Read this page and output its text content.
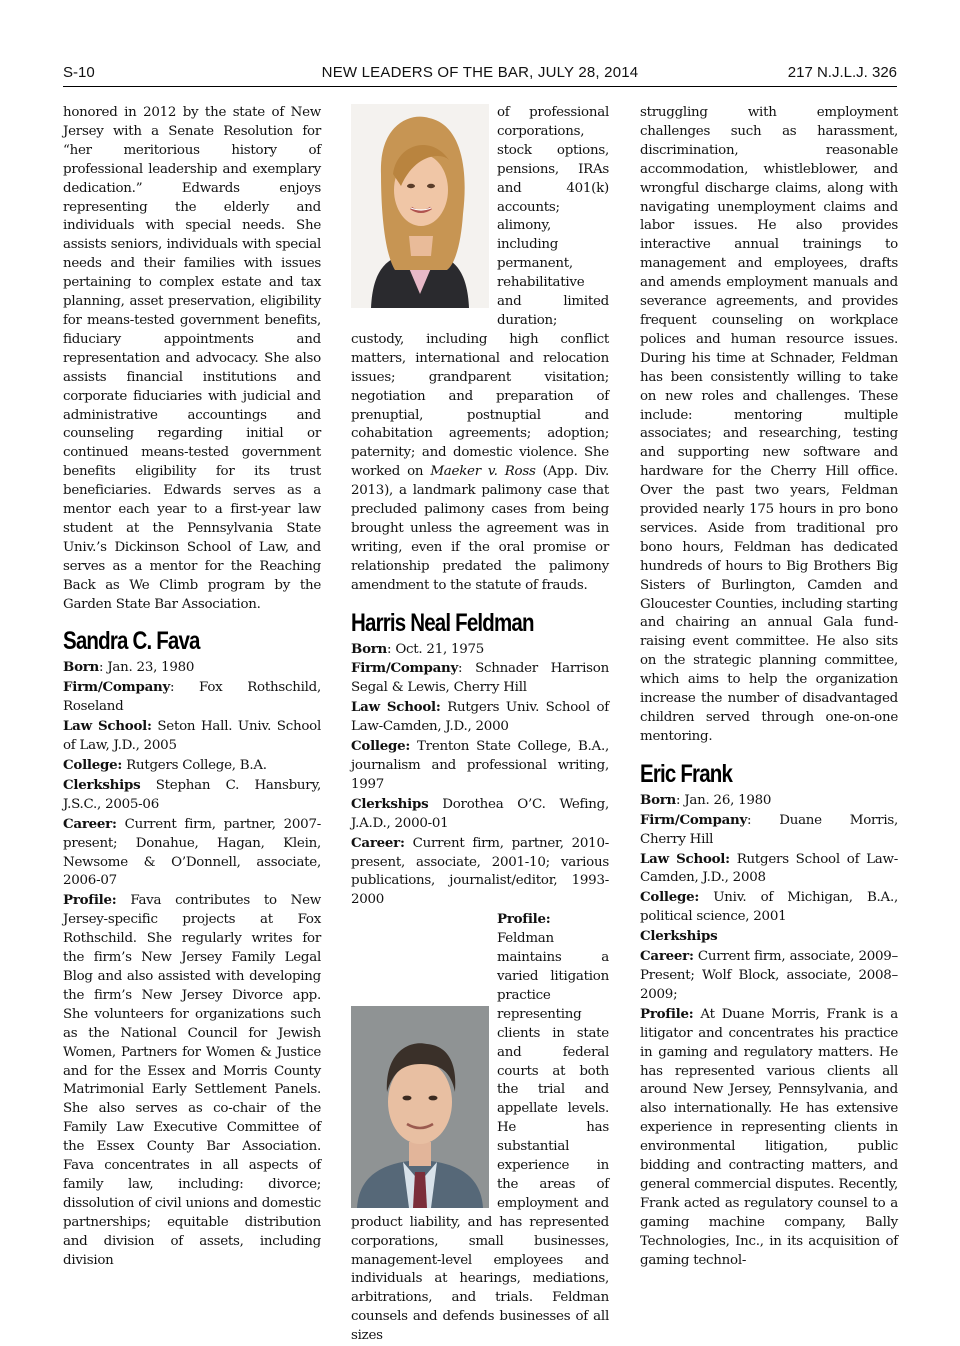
S-10	NEW LEADERS OF THE BAR, JULY 28, 2014	217 N.J.L.J. 326

honored in 2012 by the state of New Jersey with a Senate Resolution for “her meritorious history of professional leadership and exemplary dedication.” Edwards enjoys representing the elderly and individuals with special needs. She assists seniors, individuals with special needs and their families with issues pertaining to complex estate and tax planning, asset preservation, eligibility for means-tested government benefits, fiduciary appointments and representation and advocacy. She also assists financial institutions and corporate fiduciaries with judicial and administrative accountings and counseling regarding initial or continued means-tested government benefits eligibility for its trust beneficiaries. Edwards serves as a mentor each year to a first-year law student at the Pennsylvania State Univ.’s Dickinson School of Law, and serves as a mentor for the Reaching Back as We Climb program by the Garden State Bar Association.

Sandra C. Fava

Born: Jan. 23, 1980

Firm/Company: Fox Rothschild, Roseland

Law School: Seton Hall. Univ. School of Law, J.D., 2005

College: Rutgers College, B.A.

Clerkships Stephan C. Hansbury, J.S.C., 2005-06

Career: Current firm, partner, 2007-present; Donahue, Hagan, Klein, Newsome & O’Donnell, associate, 2006-07

Profile: Fava contributes to New Jersey-specific projects at Fox Rothschild. She regularly writes for the firm’s New Jersey Family Legal Blog and also assisted with developing the firm’s New Jersey Divorce app. She volunteers for organizations such as the National Council for Jewish Women, Partners for Women & Justice and for the Essex and Morris County Matrimonial Early Settlement Panels. She also serves as co-chair of the Family Law Executive Committee of the Essex County Bar Association. Fava concentrates in all aspects of family law, including: divorce; dissolution of civil unions and domestic partnerships; equitable distribution and division of assets, including division

of professional corporations, stock options, pensions, IRAs and 401(k) accounts; alimony, including permanent, rehabilitative and limited duration; custody, including high conflict matters, international and relocation issues; grandparent visitation; negotiation and preparation of prenuptial, postnuptial and cohabitation agreements; adoption; paternity; and domestic violence. She worked on Maeker v. Ross (App. Div. 2013), a landmark palimony case that precluded palimony cases from being brought unless the agreement was in writing, even if the oral promise or relationship predated the palimony amendment to the statute of frauds.

Harris Neal Feldman

Born: Oct. 21, 1975

Firm/Company: Schnader Harrison Segal & Lewis, Cherry Hill

Law School: Rutgers Univ. School of Law-Camden, J.D., 2000

College: Trenton State College, B.A., journalism and professional writing, 1997

Clerkships Dorothea O’C. Wefing, J.A.D., 2000-01

Career: Current firm, partner, 2010-present, associate, 2001-10; various publications, journalist/editor, 1993-2000

Profile: Feldman maintains a varied litigation practice representing clients in state and federal courts at both the trial and appellate levels. He has substantial experience in the areas of employment and product liability, and has represented corporations, small businesses, management-level employees and individuals at hearings, mediations, arbitrations, and trials. Feldman counsels and defends businesses of all sizes

struggling with employment challenges such as harassment, discrimination, reasonable accommodation, whistleblower, and wrongful discharge claims, along with navigating unemployment claims and labor issues. He also provides interactive annual trainings to management and employees, drafts and amends employment manuals and severance agreements, and provides frequent counseling on workplace polices and human resource issues. During his time at Schnader, Feldman has been consistently willing to take on new roles and challenges. These include: mentoring multiple associates; and researching, testing and supporting new software and hardware for the Cherry Hill office. Over the past two years, Feldman provided nearly 175 hours in pro bono services. Aside from traditional pro bono hours, Feldman has dedicated hundreds of hours to Big Brothers Big Sisters of Burlington, Camden and Gloucester Counties, including starting and chairing an annual Gala fund-raising event committee. He also sits on the strategic planning committee, which aims to help the organization increase the number of disadvantaged children served through one-on-one mentoring.

Eric Frank

Born: Jan. 26, 1980

Firm/Company: Duane Morris, Cherry Hill

Law School: Rutgers School of Law-Camden, J.D., 2008

College: Univ. of Michigan, B.A., political science, 2001

Clerkships

Career: Current firm, associate, 2009–Present; Wolf Block, associate, 2008–2009;

Profile: At Duane Morris, Frank is a litigator and concentrates his practice in gaming and regulatory matters. He has represented various clients all around New Jersey, Pennsylvania, and also internationally. He has extensive experience in representing clients in environmental litigation, public bidding and contracting matters, and general commercial disputes. Recently, Frank acted as regulatory counsel to a gaming machine company, Bally Technologies, Inc., in its acquisition of gaming technol-
